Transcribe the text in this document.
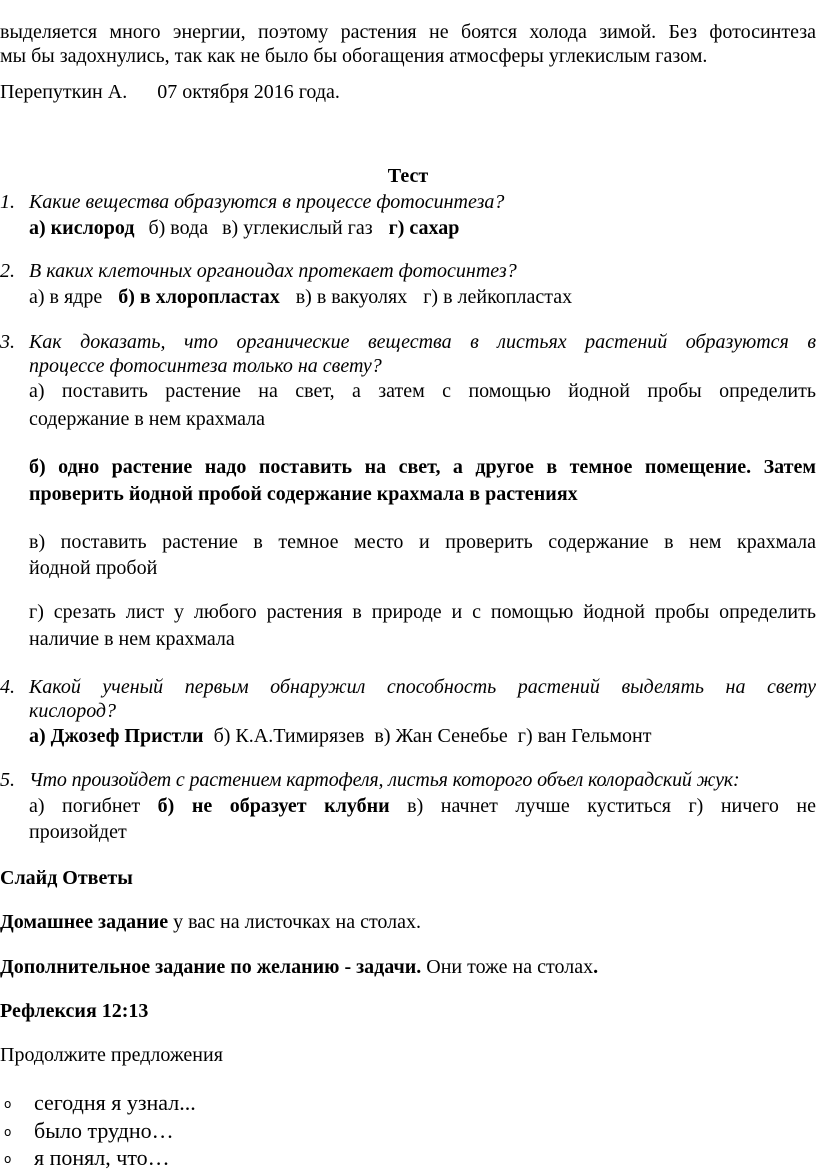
выделяется много энергии, поэтому растения не боятся холода зимой. Без фотосинтеза
мы бы задохнулись, так как не было бы обогащения атмосферы углекислым газом.
Перепуткин А. 07 октября 2016 года.
Тест
1. Какие вещества образуются в процессе фотосинтеза?
а) кислород б) вода в) углекислый газ г) сахар
2. В каких клеточных органоидах протекает фотосинтез?
а) в ядре б) в хлоропластах в) в вакуолях г) в лейкопластах
3. Как доказать, что органические вещества в листьях растений образуются в
процессе фотосинтеза только на свету?
а) поставить растение на свет, а затем с помощью йодной пробы определить
содержание в нем крахмала
б) одно растение надо поставить на свет, а другое в темное помещение. Затем
проверить йодной пробой содержание крахмала в растениях
в) поставить растение в темное место и проверить содержание в нем крахмала
йодной пробой
г) срезать лист у любого растения в природе и с помощью йодной пробы определить
наличие в нем крахмала
4. Какой ученый первым обнаружил способность растений выделять на свету
кислород?
а) Джозеф Пристли б) К.А.Тимирязев в) Жан Сенебье г) ван Гельмонт
5. Что произойдет с растением картофеля, листья которого объел колорадский жук:
а) погибнет б) не образует клубни в) начнет лучше куститься г) ничего не
произойдет
Слайд Ответы
Домашнее задание у вас на листочках на столах.
Дополнительное задание по желанию - задачи. Они тоже на столах.
Рефлексия 12:13
Продолжите предложения
o сегодня я узнал...
o было трудно…
o я понял, что…
